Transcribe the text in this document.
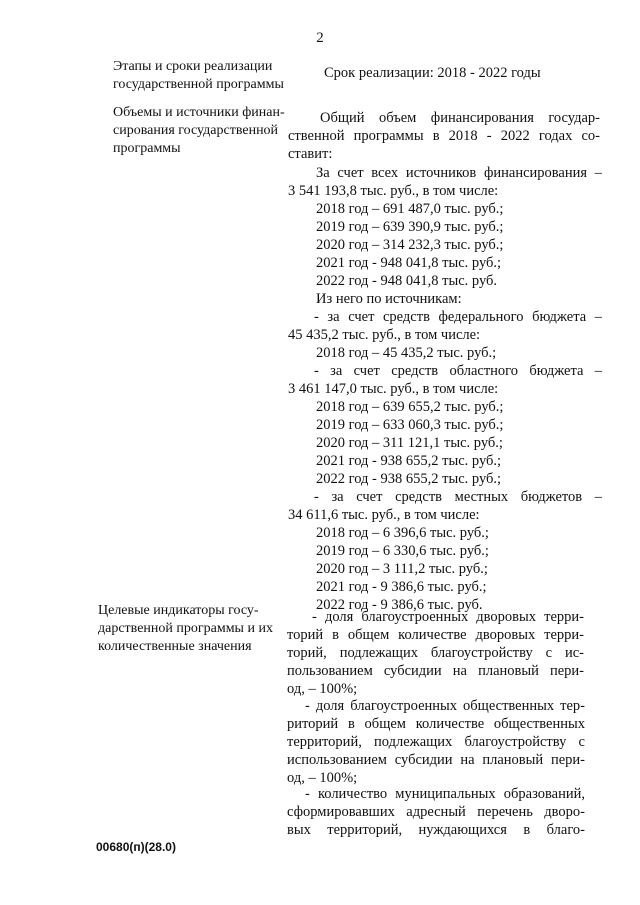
2
Этапы и сроки реализации
государственной программы
Срок реализации: 2018 - 2022 годы
Объемы и источники финан-
сирования государственной
программы
Общий объем финансирования государ-
ственной программы в 2018 - 2022 годах со-
ставит:
За счет всех источников финансирования –
3 541 193,8 тыс. руб., в том числе:
2018 год – 691 487,0 тыс. руб.;
2019 год – 639 390,9 тыс. руб.;
2020 год – 314 232,3 тыс. руб.;
2021 год - 948 041,8 тыс. руб.;
2022 год - 948 041,8 тыс. руб.
Из него по источникам:
- за счет средств федерального бюджета –
45 435,2 тыс. руб., в том числе:
2018 год – 45 435,2 тыс. руб.;
- за счет средств областного бюджета –
3 461 147,0 тыс. руб., в том числе:
2018 год – 639 655,2 тыс. руб.;
2019 год – 633 060,3 тыс. руб.;
2020 год – 311 121,1 тыс. руб.;
2021 год - 938 655,2 тыс. руб.;
2022 год - 938 655,2 тыс. руб.;
- за счет средств местных бюджетов –
34 611,6 тыс. руб., в том числе:
2018 год – 6 396,6 тыс. руб.;
2019 год – 6 330,6 тыс. руб.;
2020 год – 3 111,2 тыс. руб.;
2021 год - 9 386,6 тыс. руб.;
2022 год - 9 386,6 тыс. руб.
Целевые индикаторы госу-
дарственной программы и их
количественные значения
- доля благоустроенных дворовых терри-
торий в общем количестве дворовых терри-
торий, подлежащих благоустройству с ис-
пользованием субсидии на плановый пери-
од, – 100%;
- доля благоустроенных общественных тер-
риторий в общем количестве общественных
территорий, подлежащих благоустройству с
использованием субсидии на плановый пери-
од, – 100%;
- количество муниципальных образований,
сформировавших адресный перечень дворо-
вых территорий, нуждающихся в благо-
00680(п)(28.0)
